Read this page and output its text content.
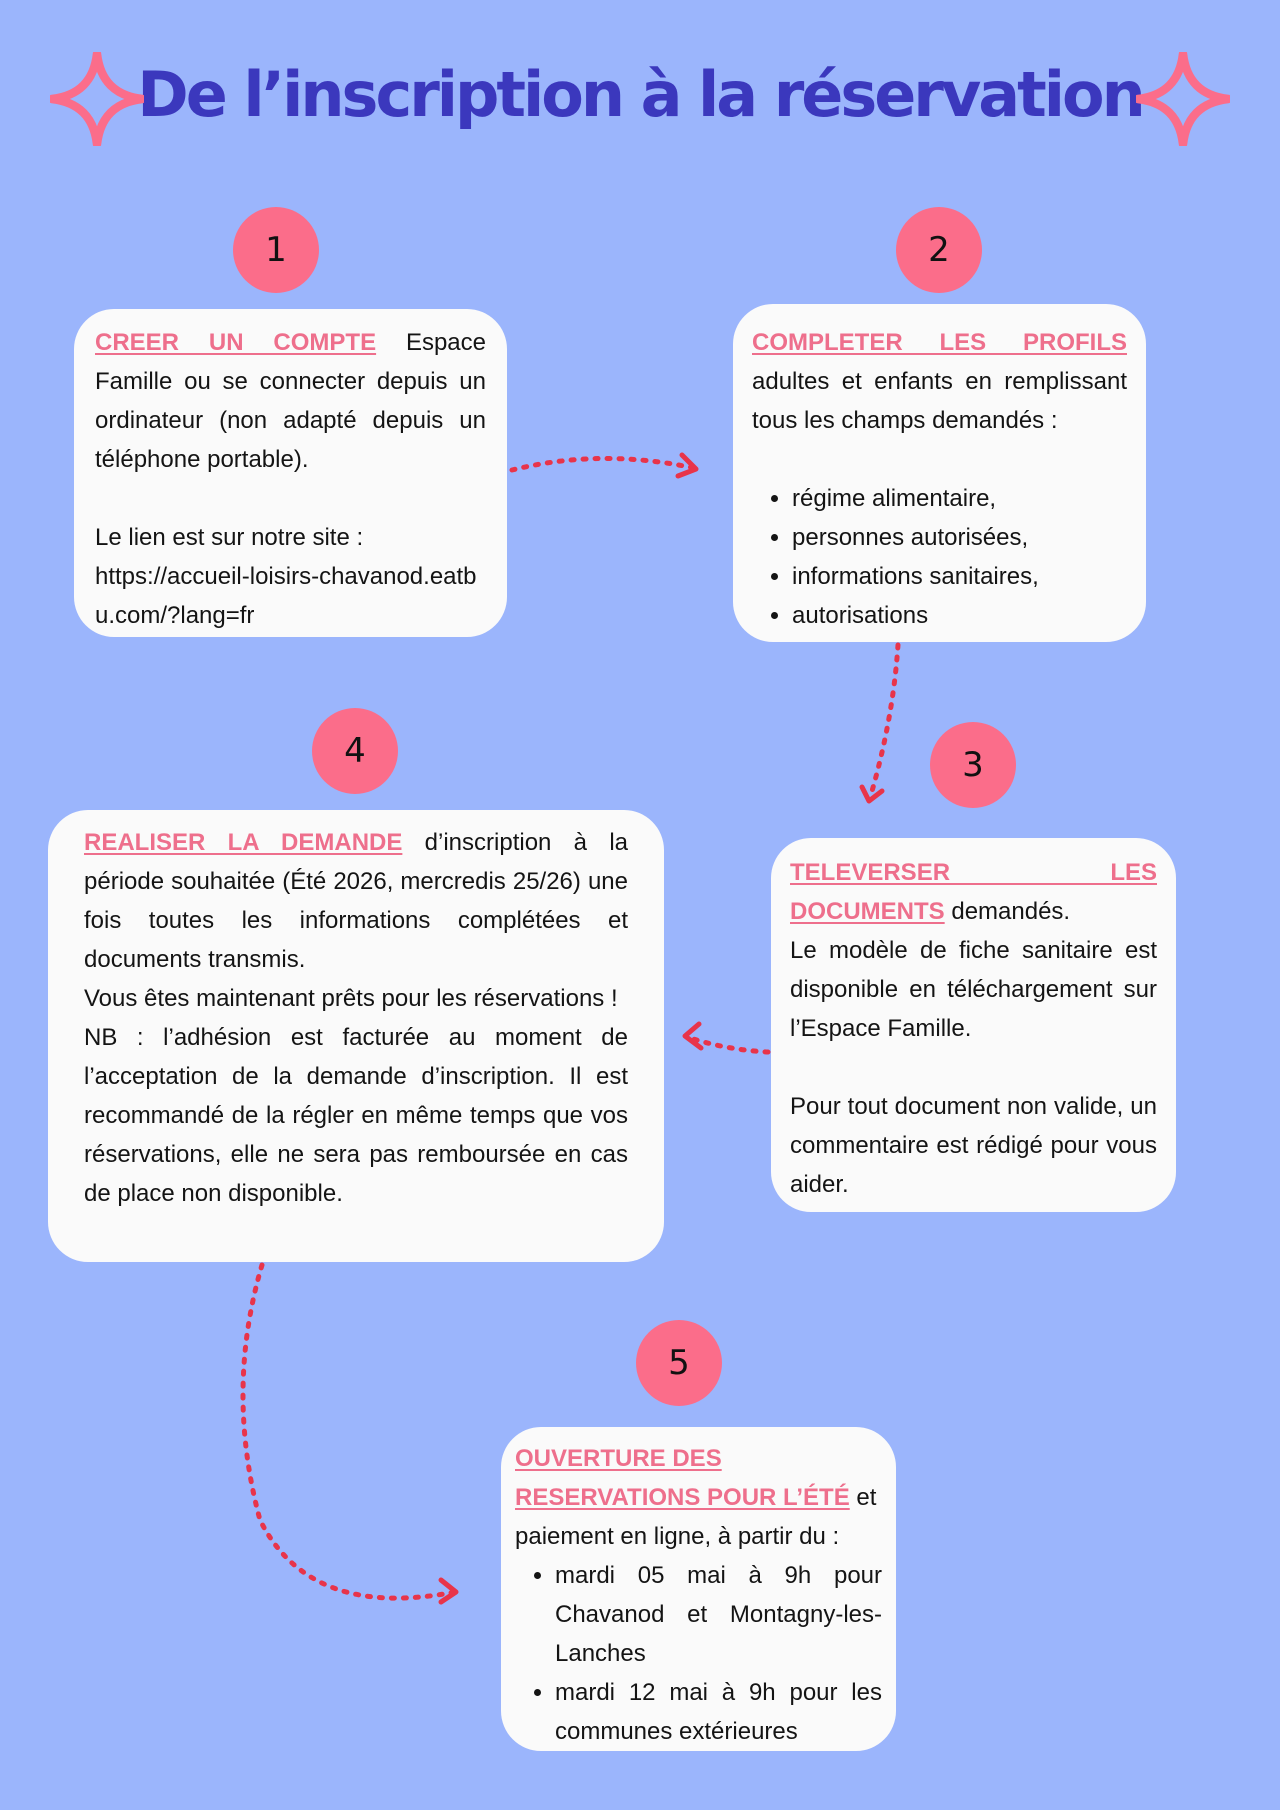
De l’inscription à la réservation
1

CREER UN COMPTE Espace Famille ou se connecter depuis un ordinateur (non adapté depuis un téléphone portable).

Le lien est sur notre site :

https://accueil-loisirs-chavanod.eatbu.com/?lang=fr

2

COMPLETER LES PROFILS adultes et enfants en remplissant tous les champs demandés :

• régime alimentaire,
• personnes autorisées,
• informations sanitaires,
• autorisations
3

TELEVERSER LES DOCUMENTS demandés.

Le modèle de fiche sanitaire est disponible en téléchargement sur l’Espace Famille.

Pour tout document non valide, un commentaire est rédigé pour vous aider.

4

REALISER LA DEMANDE d’inscription à la période souhaitée (Été 2026, mercredis 25/26) une fois toutes les informations complétées et documents transmis.

Vous êtes maintenant prêts pour les réservations !

NB : l’adhésion est facturée au moment de l’acceptation de la demande d’inscription. Il est recommandé de la régler en même temps que vos réservations, elle ne sera pas remboursée en cas de place non disponible.

5

OUVERTURE DES RESERVATIONS POUR L’ÉTÉ et paiement en ligne, à partir du :

• mardi 05 mai à 9h pour Chavanod et Montagny-les-Lanches
• mardi 12 mai à 9h pour les communes extérieures
